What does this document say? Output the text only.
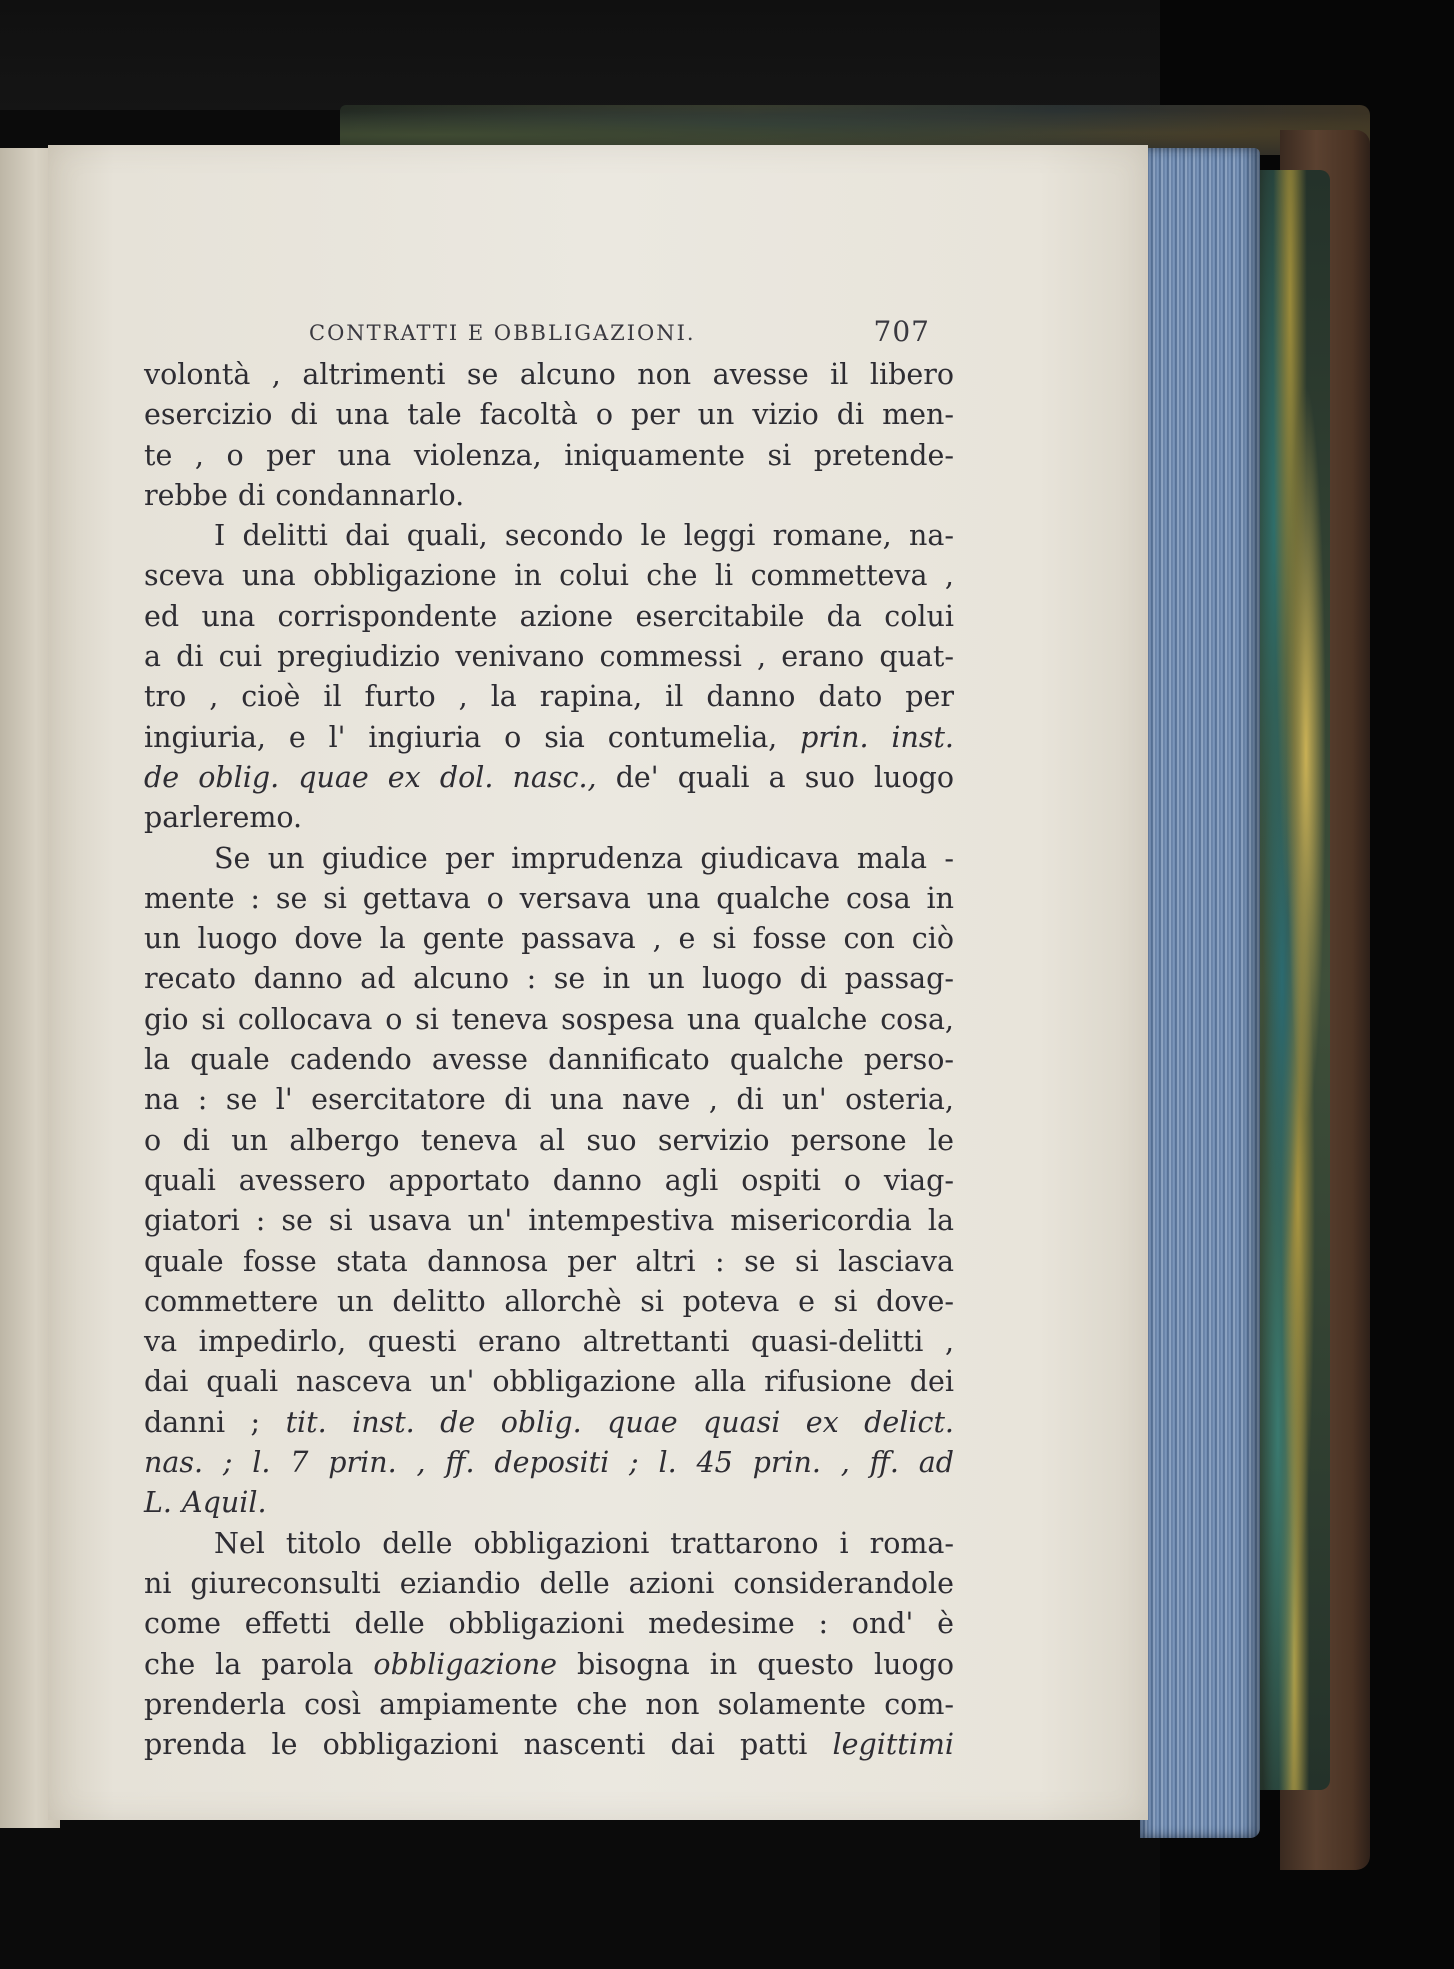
CONTRATTI E OBBLIGAZIONI.	707
volontà , altrimenti se alcuno non avesse il libero
esercizio di una tale facoltà o per un vizio di men-
te , o per una violenza, iniquamente si pretende-
rebbe di condannarlo.
I delitti dai quali, secondo le leggi romane, na-
sceva una obbligazione in colui che li commetteva ,
ed una corrispondente azione esercitabile da colui
a di cui pregiudizio venivano commessi , erano quat-
tro , cioè il furto , la rapina, il danno dato per
ingiuria, e l' ingiuria o sia contumelia, prin. inst.
de oblig. quae ex dol. nasc., de' quali a suo luogo
parleremo.
Se un giudice per imprudenza giudicava mala -
mente : se si gettava o versava una qualche cosa in
un luogo dove la gente passava , e si fosse con ciò
recato danno ad alcuno : se in un luogo di passag-
gio si collocava o si teneva sospesa una qualche cosa,
la quale cadendo avesse dannificato qualche perso-
na : se l' esercitatore di una nave , di un' osteria,
o di un albergo teneva al suo servizio persone le
quali avessero apportato danno agli ospiti o viag-
giatori : se si usava un' intempestiva misericordia la
quale fosse stata dannosa per altri : se si lasciava
commettere un delitto allorchè si poteva e si dove-
va impedirlo, questi erano altrettanti quasi-delitti ,
dai quali nasceva un' obbligazione alla rifusione dei
danni ; tit. inst. de oblig. quae quasi ex delict.
nas. ; l. 7 prin. , ff. depositi ; l. 45 prin. , ff. ad
L. Aquil.
Nel titolo delle obbligazioni trattarono i roma-
ni giureconsulti eziandio delle azioni considerandole
come effetti delle obbligazioni medesime : ond' è
che la parola obbligazione bisogna in questo luogo
prenderla così ampiamente che non solamente com-
prenda le obbligazioni nascenti dai patti legittimi
